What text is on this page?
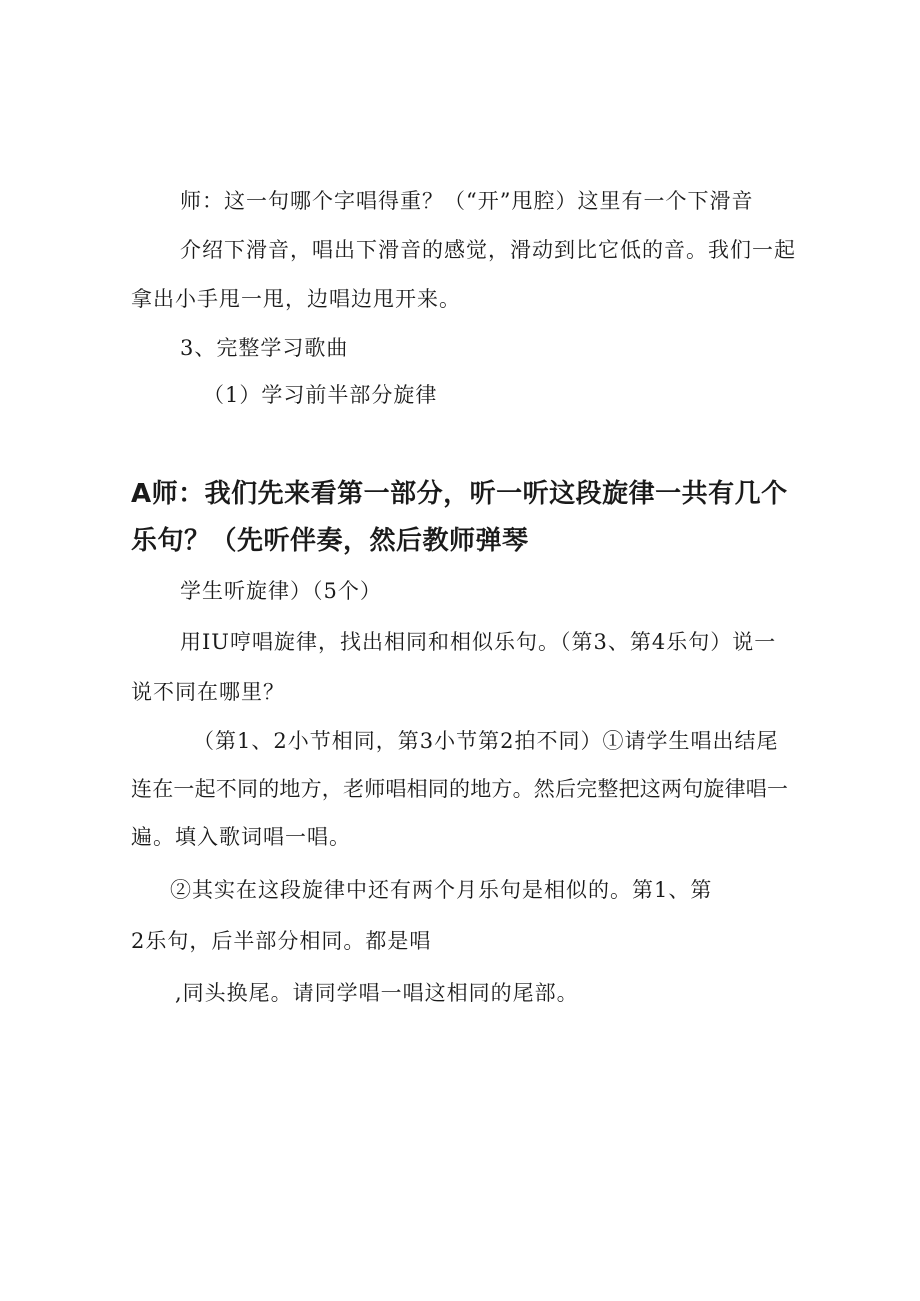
师：这一句哪个字唱得重？（“开”甩腔）这里有一个下滑音
介绍下滑音，唱出下滑音的感觉，滑动到比它低的音。我们一起
拿出小手甩一甩，边唱边甩开来。
3、完整学习歌曲
（1）学习前半部分旋律
A师：我们先来看第一部分，听一听这段旋律一共有几个
乐句？（先听伴奏，然后教师弹琴
学生听旋律）（5个）
用IU哼唱旋律，找出相同和相似乐句。（第3、第4乐句）说一
说不同在哪里？
（第1、2小节相同，第3小节第2拍不同）①请学生唱出结尾
连在一起不同的地方，老师唱相同的地方。然后完整把这两句旋律唱一
遍。填入歌词唱一唱。
②其实在这段旋律中还有两个月乐句是相似的。第1、第
2乐句，后半部分相同。都是唱
,同头换尾。请同学唱一唱这相同的尾部。
